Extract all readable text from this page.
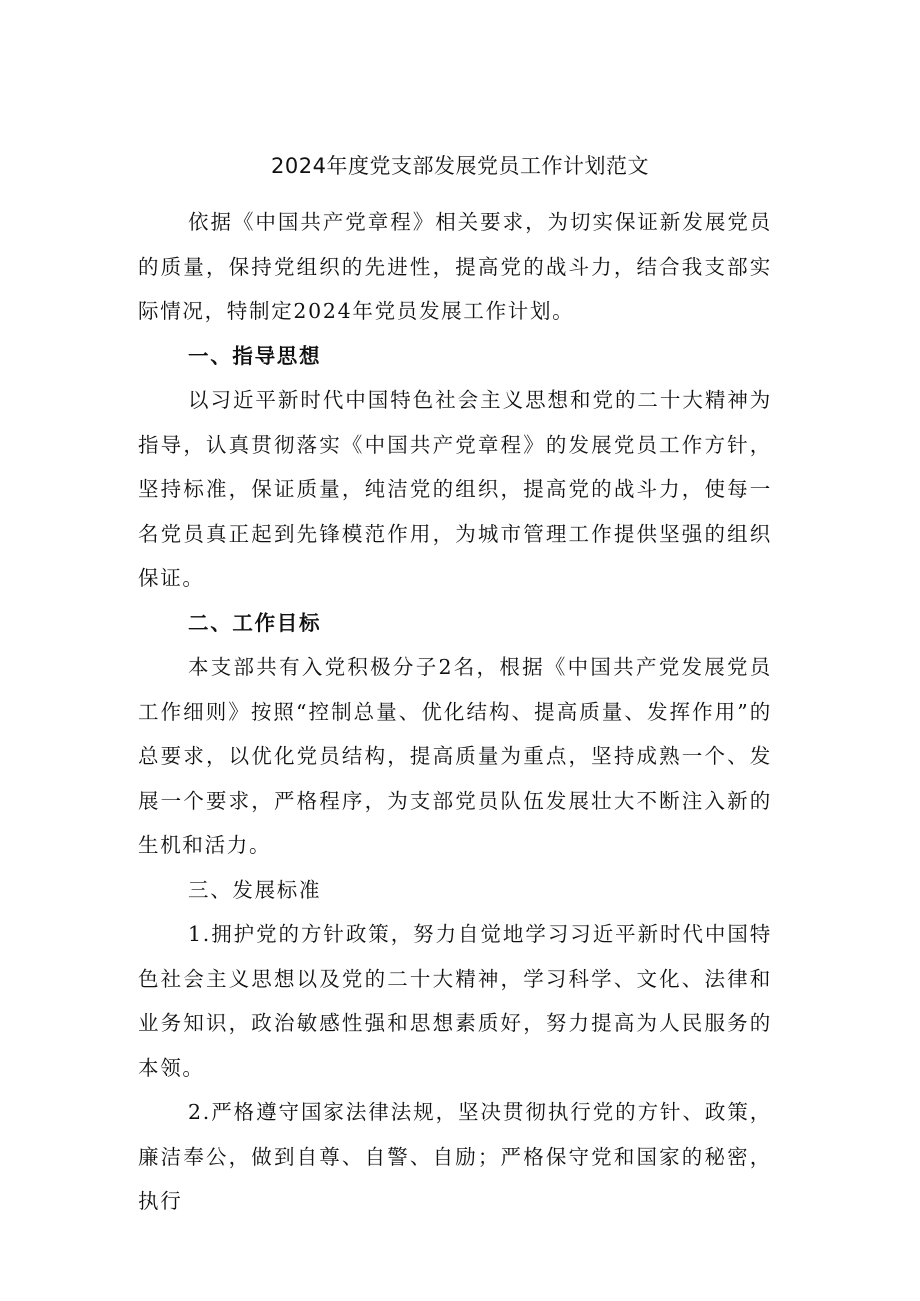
2024年度党支部发展党员工作计划范文

依据《中国共产党章程》相关要求，为切实保证新发展党员的质量，保持党组织的先进性，提高党的战斗力，结合我支部实际情况，特制定2024年党员发展工作计划。

一、指导思想

以习近平新时代中国特色社会主义思想和党的二十大精神为指导，认真贯彻落实《中国共产党章程》的发展党员工作方针，坚持标准，保证质量，纯洁党的组织，提高党的战斗力，使每一名党员真正起到先锋模范作用，为城市管理工作提供坚强的组织保证。

二、工作目标

本支部共有入党积极分子2名，根据《中国共产党发展党员工作细则》按照“控制总量、优化结构、提高质量、发挥作用”的总要求，以优化党员结构，提高质量为重点，坚持成熟一个、发展一个要求，严格程序，为支部党员队伍发展壮大不断注入新的生机和活力。

三、发展标准

1.拥护党的方针政策，努力自觉地学习习近平新时代中国特色社会主义思想以及党的二十大精神，学习科学、文化、法律和业务知识，政治敏感性强和思想素质好，努力提高为人民服务的本领。

2.严格遵守国家法律法规，坚决贯彻执行党的方针、政策，廉洁奉公，做到自尊、自警、自励；严格保守党和国家的秘密，执行
